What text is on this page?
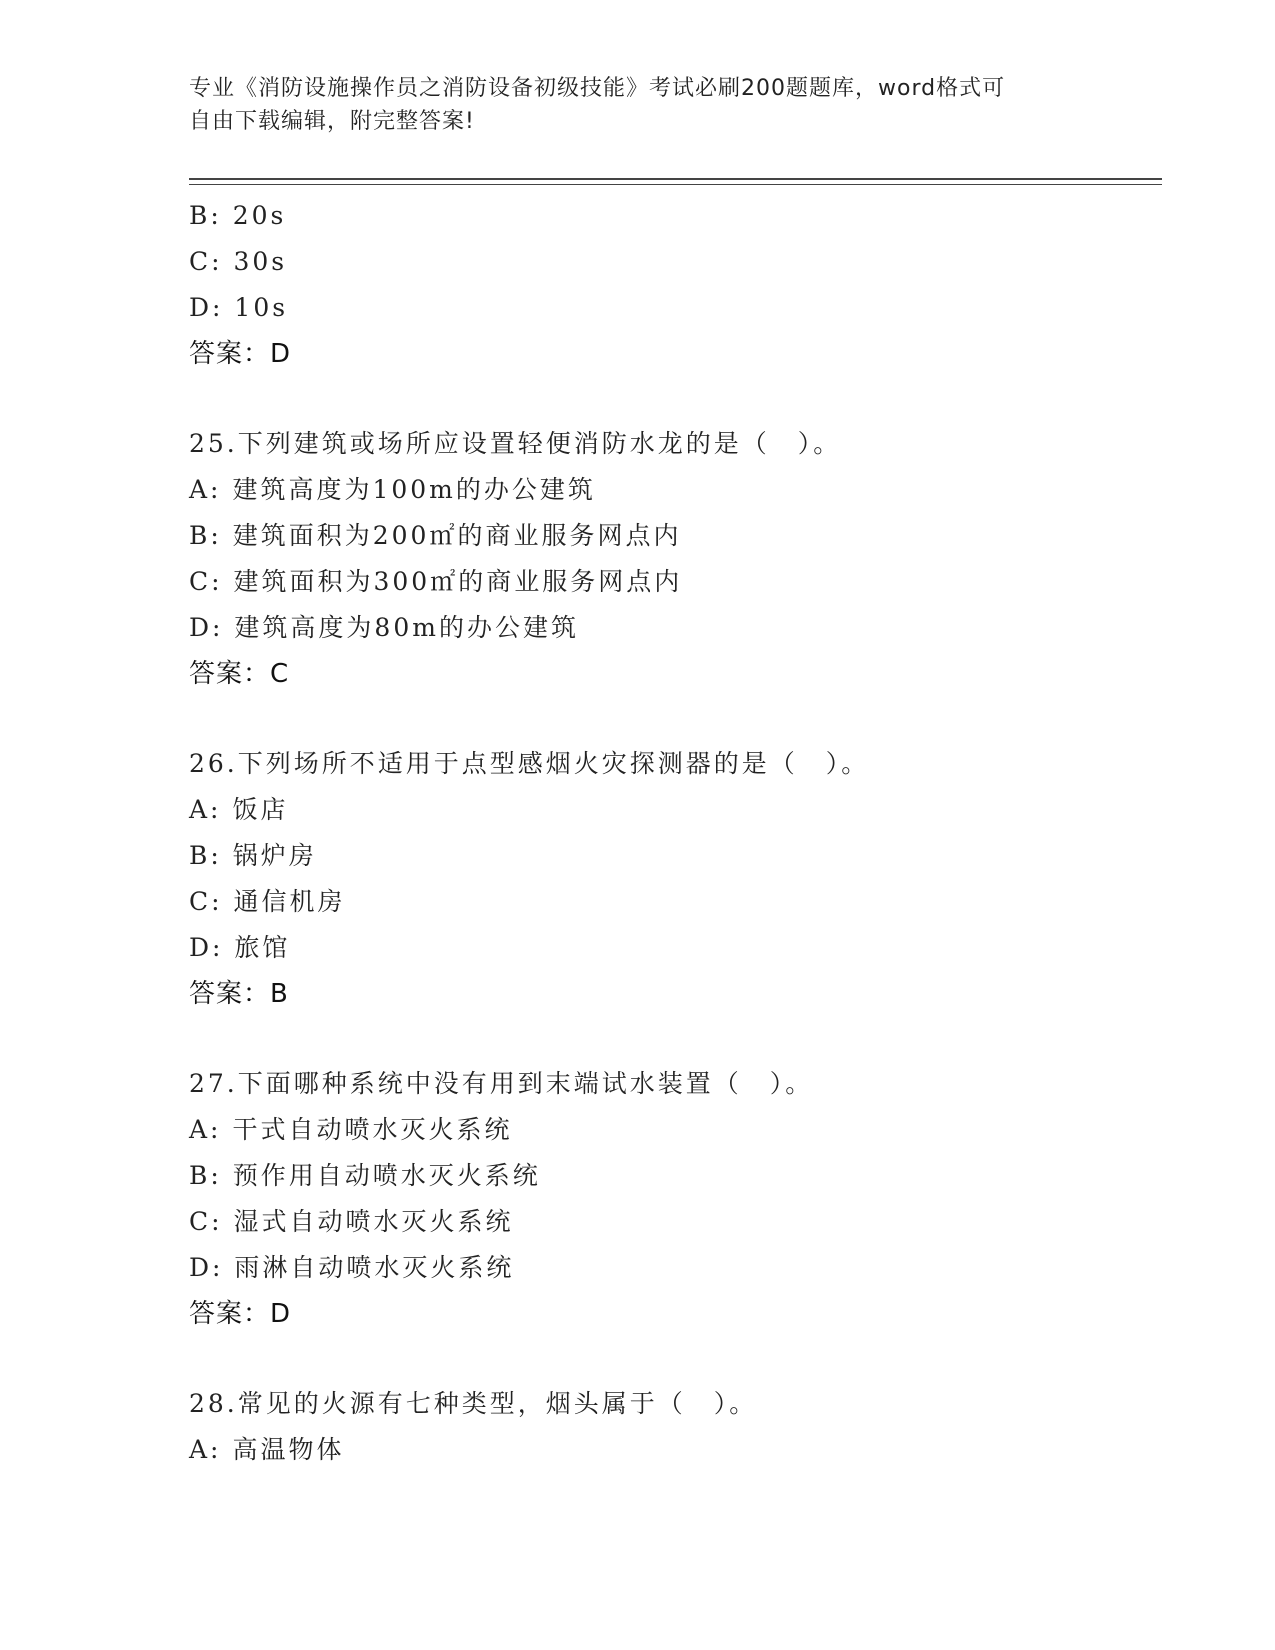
专业《消防设施操作员之消防设备初级技能》考试必刷200题题库，word格式可
自由下载编辑，附完整答案!
B: 20s
C: 30s
D: 10s
答案：D
25.下列建筑或场所应设置轻便消防水龙的是（　）。
A: 建筑高度为100m的办公建筑
B: 建筑面积为200㎡的商业服务网点内
C: 建筑面积为300㎡的商业服务网点内
D: 建筑高度为80m的办公建筑
答案：C
26.下列场所不适用于点型感烟火灾探测器的是（　）。
A: 饭店
B: 锅炉房
C: 通信机房
D: 旅馆
答案：B
27.下面哪种系统中没有用到末端试水装置（　）。
A: 干式自动喷水灭火系统
B: 预作用自动喷水灭火系统
C: 湿式自动喷水灭火系统
D: 雨淋自动喷水灭火系统
答案：D
28.常见的火源有七种类型，烟头属于（　）。
A: 高温物体
